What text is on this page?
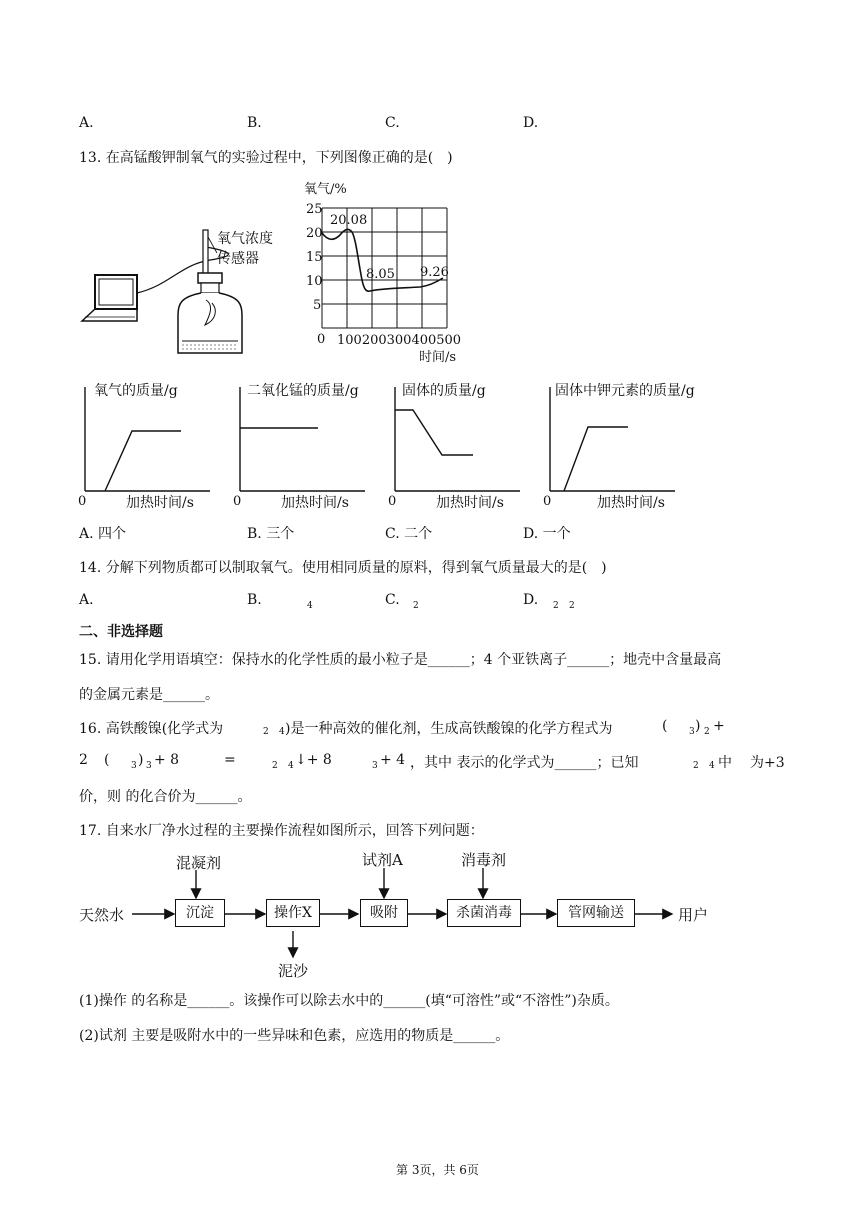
A.	B.	C.	D.
13. 在高锰酸钾制氧气的实验过程中，下列图像正确的是(　)
氧气浓度
传感器
氧气/%
25
20
15
10
5
0 100200300400500
时间/s
20.08
8.05 9.26
氧气的质量/g
0	加热时间/s
二氧化锰的质量/g
0	加热时间/s
固体的质量/g
0	加热时间/s
固体中钾元素的质量/g
0	加热时间/s
A. 四个	B. 三个	C. 二个	D. 一个
14. 分解下列物质都可以制取氧气。使用相同质量的原料，得到氧气质量最大的是(　)
A.	B.	4	C. 2	D. 2 2
二、非选择题
15. 请用化学用语填空：保持水的化学性质的最小粒子是______；4 个亚铁离子______；地壳中含量最高
的金属元素是______。
16. 高铁酸镍(化学式为	2 4 )是一种高效的催化剂，生成高铁酸镍的化学方程式为	( 3 ) 2 +
2 ( 3 ) 3 + 8	=	2 4 ↓+ 8	3 + 4 ，其中 表示的化学式为______；已知	2 4 中 为+3
价，则 的化合价为______。
17. 自来水厂净水过程的主要操作流程如图所示，回答下列问题：
天然水
混凝剂	试剂A	消毒剂
沉淀	操作X	吸附	杀菌消毒	管网输送	用户
泥沙
(1)操作 的名称是______。该操作可以除去水中的______(填“可溶性”或“不溶性”)杂质。
(2)试剂 主要是吸附水中的一些异味和色素，应选用的物质是______。
第 3页，共 6页
